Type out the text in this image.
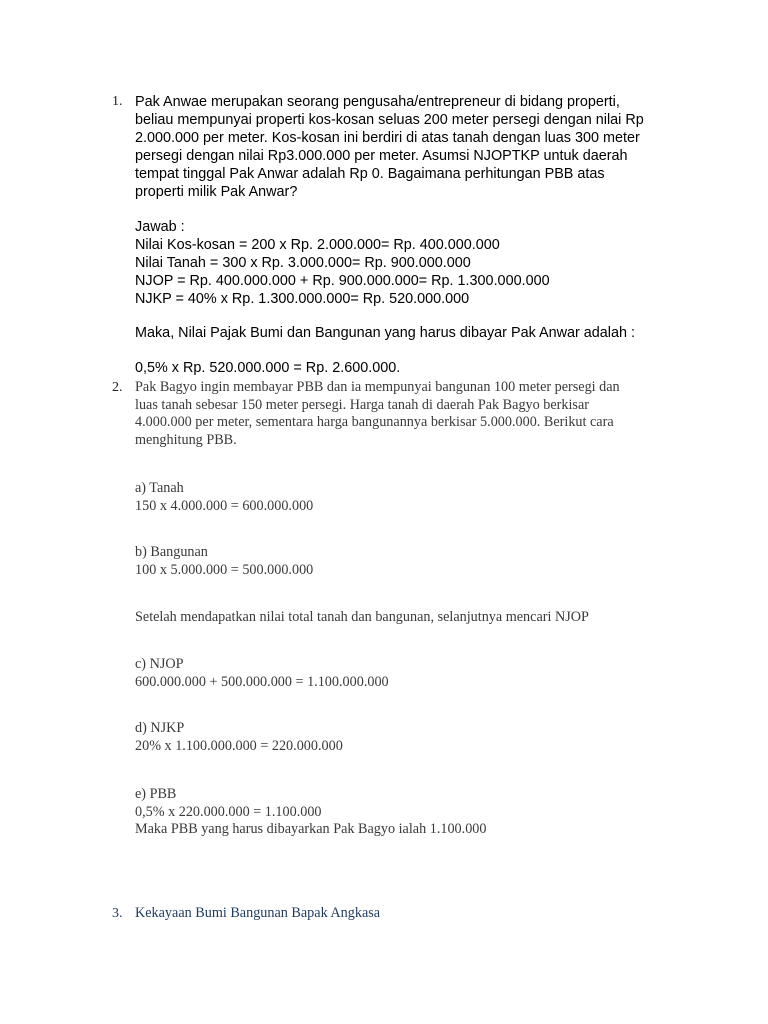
1. Pak Anwae merupakan seorang pengusaha/entrepreneur di bidang properti,
beliau mempunyai properti kos-kosan seluas 200 meter persegi dengan nilai Rp
2.000.000 per meter. Kos-kosan ini berdiri di atas tanah dengan luas 300 meter
persegi dengan nilai Rp3.000.000 per meter. Asumsi NJOPTKP untuk daerah
tempat tinggal Pak Anwar adalah Rp 0. Bagaimana perhitungan PBB atas
properti milik Pak Anwar?
Jawab :
Nilai Kos-kosan = 200 x Rp. 2.000.000= Rp. 400.000.000
Nilai Tanah = 300 x Rp. 3.000.000= Rp. 900.000.000
NJOP = Rp. 400.000.000 + Rp. 900.000.000= Rp. 1.300.000.000
NJKP = 40% x Rp. 1.300.000.000= Rp. 520.000.000
Maka, Nilai Pajak Bumi dan Bangunan yang harus dibayar Pak Anwar adalah :
0,5% x Rp. 520.000.000 = Rp. 2.600.000.
2. Pak Bagyo ingin membayar PBB dan ia mempunyai bangunan 100 meter persegi dan
luas tanah sebesar 150 meter persegi. Harga tanah di daerah Pak Bagyo berkisar
4.000.000 per meter, sementara harga bangunannya berkisar 5.000.000. Berikut cara
menghitung PBB.
a) Tanah
150 x 4.000.000 = 600.000.000
b) Bangunan
100 x 5.000.000 = 500.000.000
Setelah mendapatkan nilai total tanah dan bangunan, selanjutnya mencari NJOP
c) NJOP
600.000.000 + 500.000.000 = 1.100.000.000
d) NJKP
20% x 1.100.000.000 = 220.000.000
e) PBB
0,5% x 220.000.000 = 1.100.000
Maka PBB yang harus dibayarkan Pak Bagyo ialah 1.100.000
3. Kekayaan Bumi Bangunan Bapak Angkasa
